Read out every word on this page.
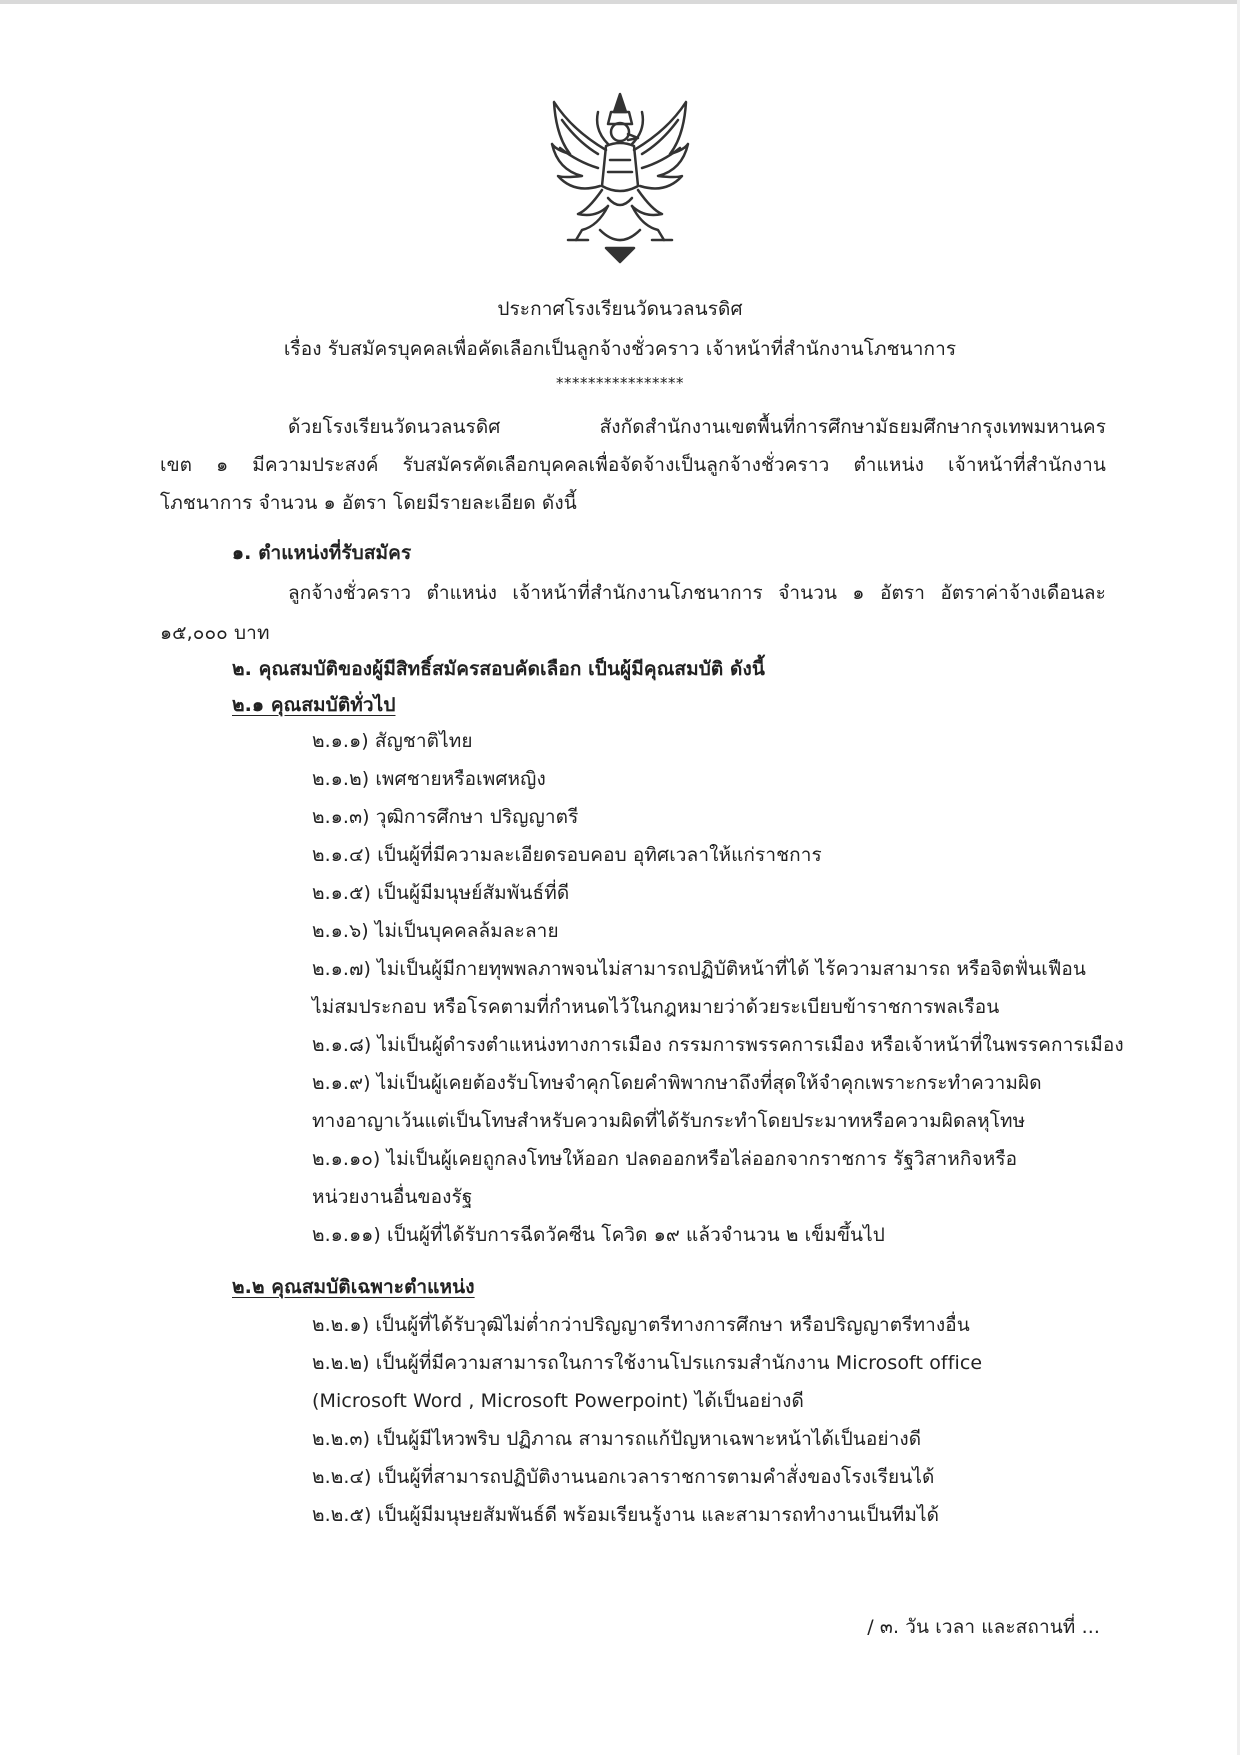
ประกาศโรงเรียนวัดนวลนรดิศ
เรื่อง รับสมัครบุคคลเพื่อคัดเลือกเป็นลูกจ้างชั่วคราว เจ้าหน้าที่สำนักงานโภชนาการ
****************
ด้วยโรงเรียนวัดนวลนรดิศ สังกัดสำนักงานเขตพื้นที่การศึกษามัธยมศึกษากรุงเทพมหานคร
เขต ๑ มีความประสงค์ รับสมัครคัดเลือกบุคคลเพื่อจัดจ้างเป็นลูกจ้างชั่วคราว ตำแหน่ง เจ้าหน้าที่สำนักงาน
โภชนาการ จำนวน ๑ อัตรา โดยมีรายละเอียด ดังนี้
๑. ตำแหน่งที่รับสมัคร
ลูกจ้างชั่วคราว ตำแหน่ง เจ้าหน้าที่สำนักงานโภชนาการ จำนวน ๑ อัตรา อัตราค่าจ้างเดือนละ
๑๕,๐๐๐ บาท
๒. คุณสมบัติของผู้มีสิทธิ์สมัครสอบคัดเลือก เป็นผู้มีคุณสมบัติ ดังนี้
๒.๑ คุณสมบัติทั่วไป
๒.๑.๑) สัญชาติไทย
๒.๑.๒) เพศชายหรือเพศหญิง
๒.๑.๓) วุฒิการศึกษา ปริญญาตรี
๒.๑.๔) เป็นผู้ที่มีความละเอียดรอบคอบ อุทิศเวลาให้แก่ราชการ
๒.๑.๕) เป็นผู้มีมนุษย์สัมพันธ์ที่ดี
๒.๑.๖) ไม่เป็นบุคคลล้มละลาย
๒.๑.๗) ไม่เป็นผู้มีกายทุพพลภาพจนไม่สามารถปฏิบัติหน้าที่ได้ ไร้ความสามารถ หรือจิตฟั่นเฟือน
ไม่สมประกอบ หรือโรคตามที่กำหนดไว้ในกฎหมายว่าด้วยระเบียบข้าราชการพลเรือน
๒.๑.๘) ไม่เป็นผู้ดำรงตำแหน่งทางการเมือง กรรมการพรรคการเมือง หรือเจ้าหน้าที่ในพรรคการเมือง
๒.๑.๙) ไม่เป็นผู้เคยต้องรับโทษจำคุกโดยคำพิพากษาถึงที่สุดให้จำคุกเพราะกระทำความผิด
ทางอาญาเว้นแต่เป็นโทษสำหรับความผิดที่ได้รับกระทำโดยประมาทหรือความผิดลหุโทษ
๒.๑.๑๐) ไม่เป็นผู้เคยถูกลงโทษให้ออก ปลดออกหรือไล่ออกจากราชการ รัฐวิสาหกิจหรือ
หน่วยงานอื่นของรัฐ
๒.๑.๑๑) เป็นผู้ที่ได้รับการฉีดวัคซีน โควิด ๑๙ แล้วจำนวน ๒ เข็มขึ้นไป
๒.๒ คุณสมบัติเฉพาะตำแหน่ง
๒.๒.๑) เป็นผู้ที่ได้รับวุฒิไม่ต่ำกว่าปริญญาตรีทางการศึกษา หรือปริญญาตรีทางอื่น
๒.๒.๒) เป็นผู้ที่มีความสามารถในการใช้งานโปรแกรมสำนักงาน Microsoft office
(Microsoft Word , Microsoft Powerpoint) ได้เป็นอย่างดี
๒.๒.๓) เป็นผู้มีไหวพริบ ปฏิภาณ สามารถแก้ปัญหาเฉพาะหน้าได้เป็นอย่างดี
๒.๒.๔) เป็นผู้ที่สามารถปฏิบัติงานนอกเวลาราชการตามคำสั่งของโรงเรียนได้
๒.๒.๕) เป็นผู้มีมนุษยสัมพันธ์ดี พร้อมเรียนรู้งาน และสามารถทำงานเป็นทีมได้
/ ๓. วัน เวลา และสถานที่ ...
